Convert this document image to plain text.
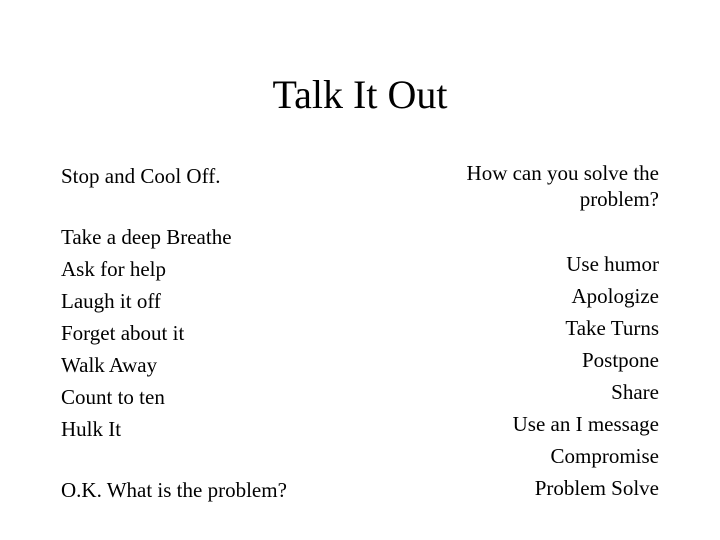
Talk It Out
Stop and Cool Off.
Take a deep Breathe
Ask for help
Laugh it off
Forget about it
Walk Away
Count to ten
Hulk It
O.K. What is the problem?
How can you solve the problem?
Use humor
Apologize
Take Turns
Postpone
Share
Use an I message
Compromise
Problem Solve
